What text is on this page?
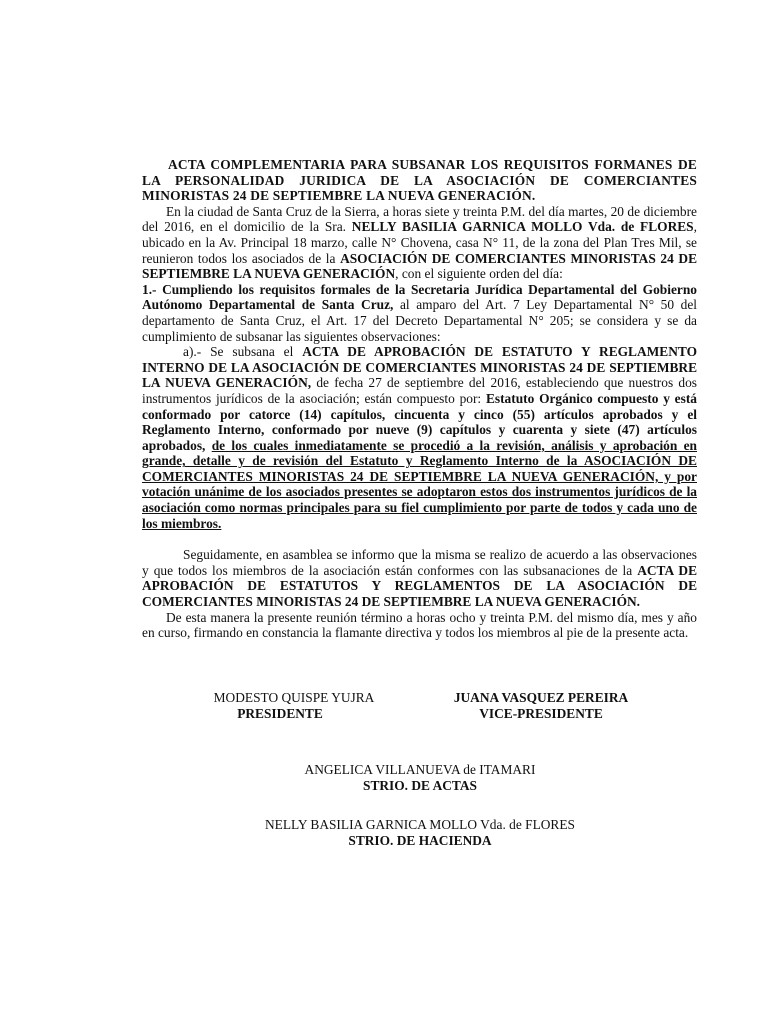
ACTA COMPLEMENTARIA PARA SUBSANAR LOS REQUISITOS FORMANES DE LA PERSONALIDAD JURIDICA DE LA ASOCIACIÓN DE COMERCIANTES MINORISTAS 24 DE SEPTIEMBRE LA NUEVA GENERACIÓN.

En la ciudad de Santa Cruz de la Sierra, a horas siete y treinta P.M. del día martes, 20 de diciembre del 2016, en el domicilio de la Sra. NELLY BASILIA GARNICA MOLLO Vda. de FLORES, ubicado en la Av. Principal 18 marzo, calle N° Chovena, casa N° 11, de la zona del Plan Tres Mil, se reunieron todos los asociados de la ASOCIACIÓN DE COMERCIANTES MINORISTAS 24 DE SEPTIEMBRE LA NUEVA GENERACIÓN, con el siguiente orden del día:

1.- Cumpliendo los requisitos formales de la Secretaria Jurídica Departamental del Gobierno Autónomo Departamental de Santa Cruz, al amparo del Art. 7 Ley Departamental N° 50 del departamento de Santa Cruz, el Art. 17 del Decreto Departamental N° 205; se considera y se da cumplimiento de subsanar las siguientes observaciones:

a).- Se subsana el ACTA DE APROBACIÓN DE ESTATUTO Y REGLAMENTO INTERNO DE LA ASOCIACIÓN DE COMERCIANTES MINORISTAS 24 DE SEPTIEMBRE LA NUEVA GENERACIÓN, de fecha 27 de septiembre del 2016, estableciendo que nuestros dos instrumentos jurídicos de la asociación; están compuesto por: Estatuto Orgánico compuesto y está conformado por catorce (14) capítulos, cincuenta y cinco (55) artículos aprobados y el Reglamento Interno, conformado por nueve (9) capítulos y cuarenta y siete (47) artículos aprobados, de los cuales inmediatamente se procedió a la revisión, análisis y aprobación en grande, detalle y de revisión del Estatuto y Reglamento Interno de la ASOCIACIÓN DE COMERCIANTES MINORISTAS 24 DE SEPTIEMBRE LA NUEVA GENERACIÓN, y por votación unánime de los asociados presentes se adoptaron estos dos instrumentos jurídicos de la asociación como normas principales para su fiel cumplimiento por parte de todos y cada uno de los miembros.

Seguidamente, en asamblea se informo que la misma se realizo de acuerdo a las observaciones y que todos los miembros de la asociación están conformes con las subsanaciones de la ACTA DE APROBACIÓN DE ESTATUTOS Y REGLAMENTOS DE LA ASOCIACIÓN DE COMERCIANTES MINORISTAS 24 DE SEPTIEMBRE LA NUEVA GENERACIÓN.

De esta manera la presente reunión término a horas ocho y treinta P.M. del mismo día, mes y año en curso, firmando en constancia la flamante directiva y todos los miembros al pie de la presente acta.

MODESTO QUISPE YUJRA
PRESIDENTE
JUANA VASQUEZ PEREIRA
VICE-PRESIDENTE
ANGELICA VILLANUEVA de ITAMARI
STRIO. DE ACTAS
NELLY BASILIA GARNICA MOLLO Vda. de FLORES
STRIO. DE HACIENDA
